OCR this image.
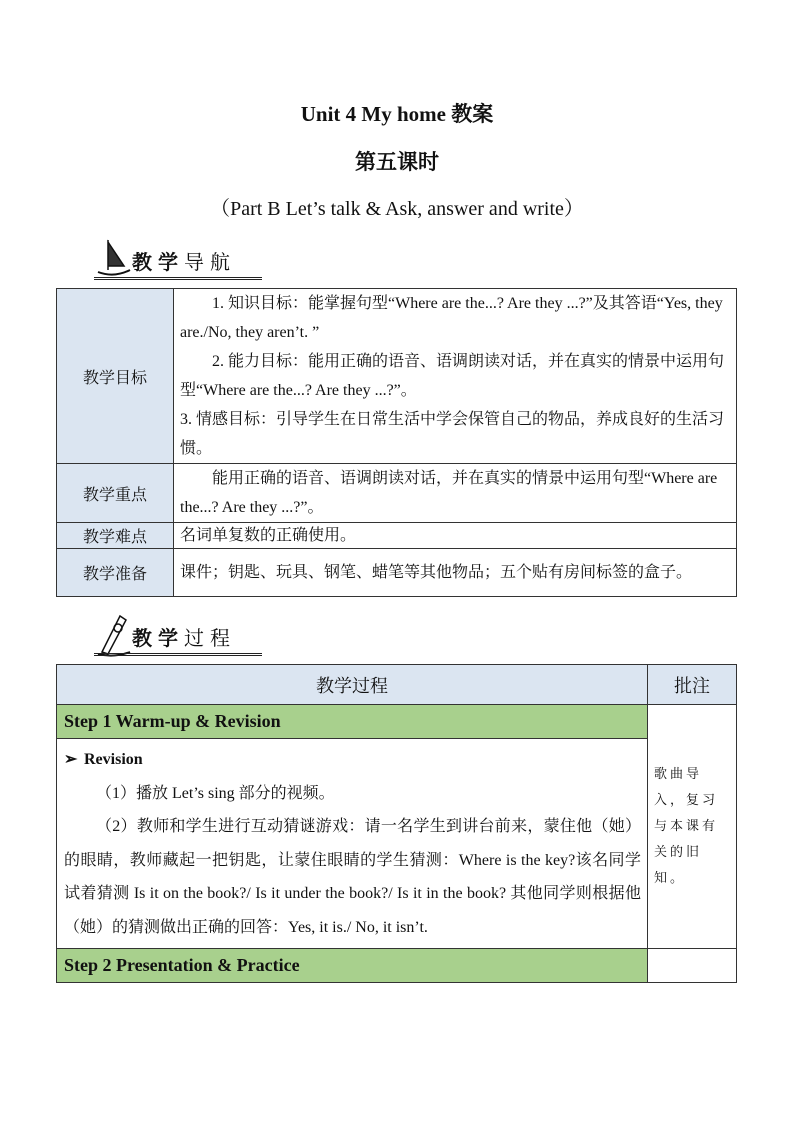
Unit 4 My home 教案
第五课时
（Part B Let’s talk & Ask, answer and write）
教学导航
教学目标	1. 知识目标：能掌握句型“Where are the...? Are they ...?”及其答语“Yes, they are./No, they aren’t. ”

2. 能力目标：能用正确的语音、语调朗读对话，并在真实的情景中运用句型“Where are the...? Are they ...?”。

3. 情感目标：引导学生在日常生活中学会保管自己的物品，养成良好的生活习惯。

教学重点	能用正确的语音、语调朗读对话，并在真实的情景中运用句型“Where are the...? Are they ...?”。

教学难点	名词单复数的正确使用。

教学准备	课件；钥匙、玩具、钢笔、蜡笔等其他物品；五个贴有房间标签的盒子。

教学过程
教学过程	批注
Step 1 Warm-up & Revision	歌曲导入，复习与本课有关的旧知。

➢ Revision

（1）播放 Let’s sing 部分的视频。

（2）教师和学生进行互动猜谜游戏：请一名学生到讲台前来，蒙住他（她）的眼睛，教师藏起一把钥匙，让蒙住眼睛的学生猜测：Where is the key?该名同学试着猜测 Is it on the book?/ Is it under the book?/ Is it in the book? 其他同学则根据他（她）的猜测做出正确的回答：Yes, it is./ No, it isn’t.	

Step 2 Presentation & Practice	
